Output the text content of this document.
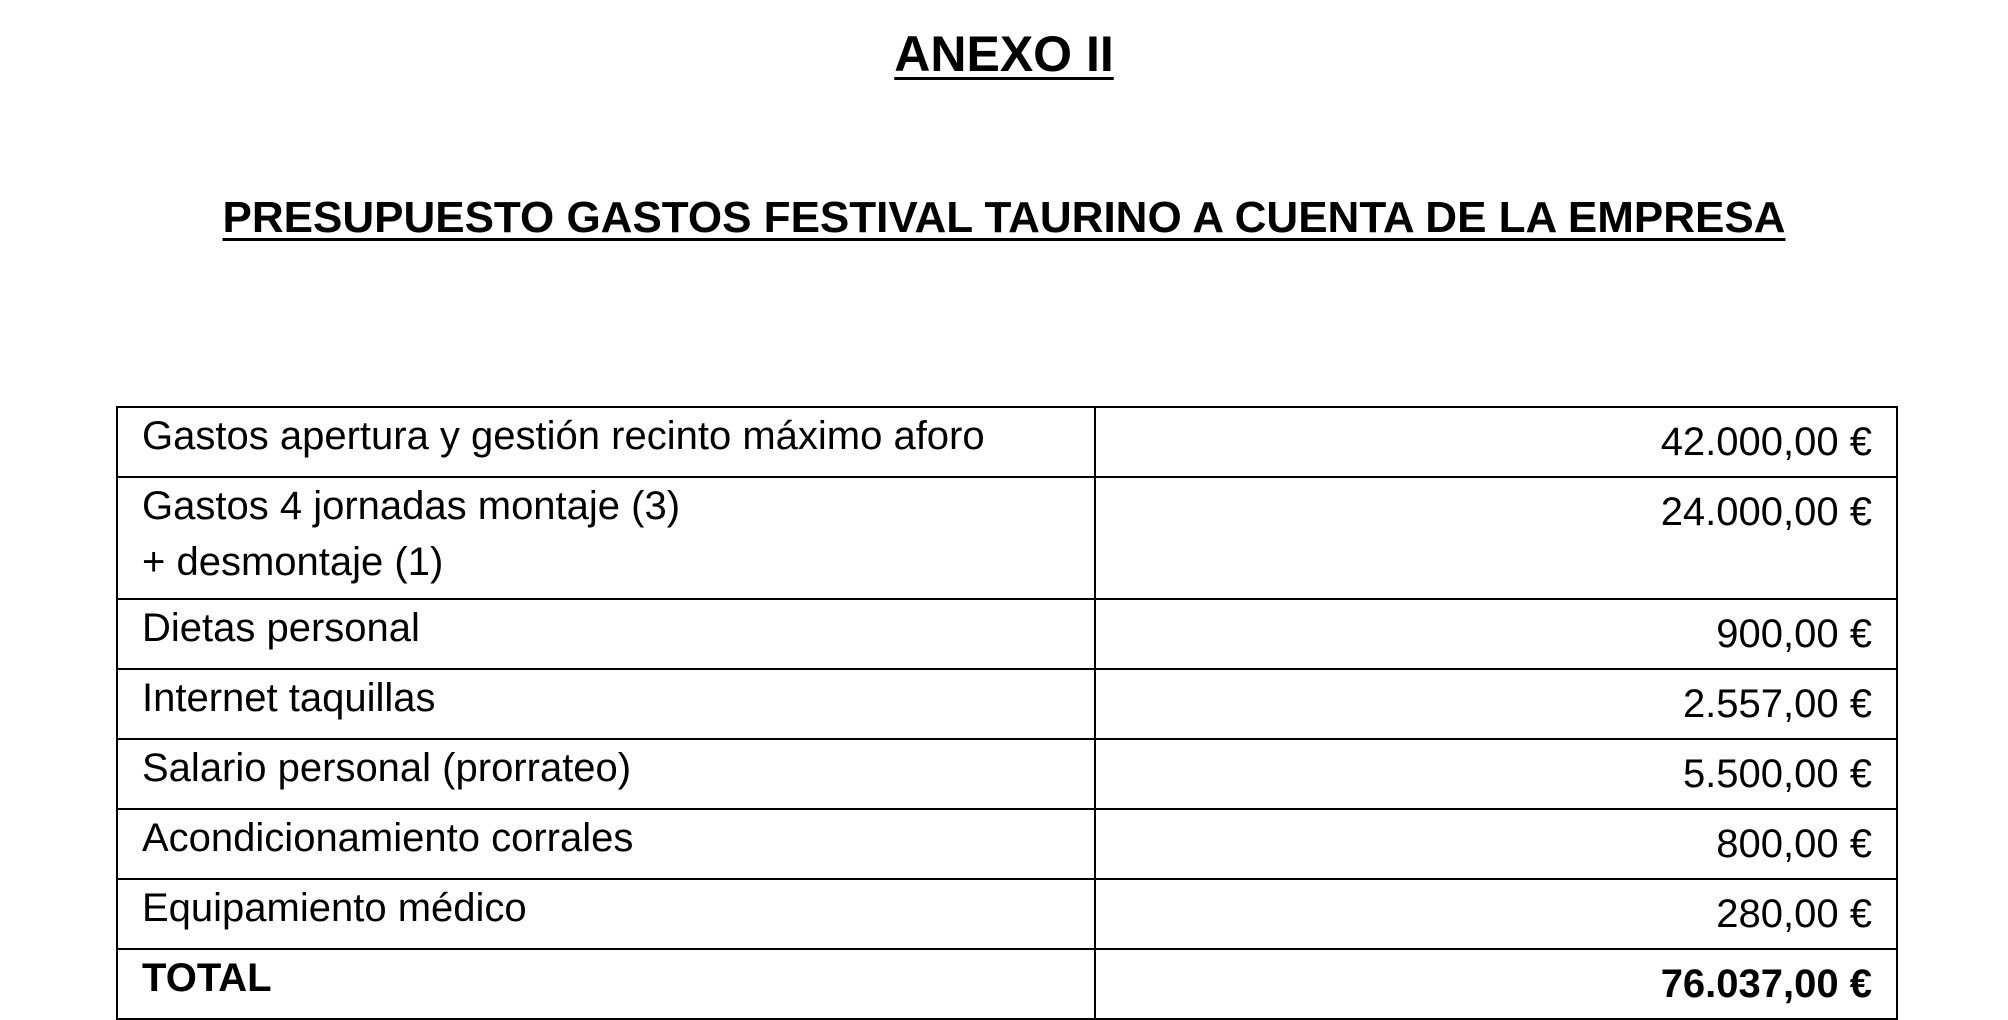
ANEXO II
PRESUPUESTO GASTOS FESTIVAL TAURINO A CUENTA DE LA EMPRESA
Gastos apertura y gestión recinto máximo aforo	42.000,00 €

Gastos 4 jornadas montaje (3)
+ desmontaje (1)	24.000,00 €

Dietas personal	900,00 €

Internet taquillas	2.557,00 €

Salario personal (prorrateo)	5.500,00 €

Acondicionamiento corrales	800,00 €

Equipamiento médico	280,00 €
TOTAL	76.037,00 €
